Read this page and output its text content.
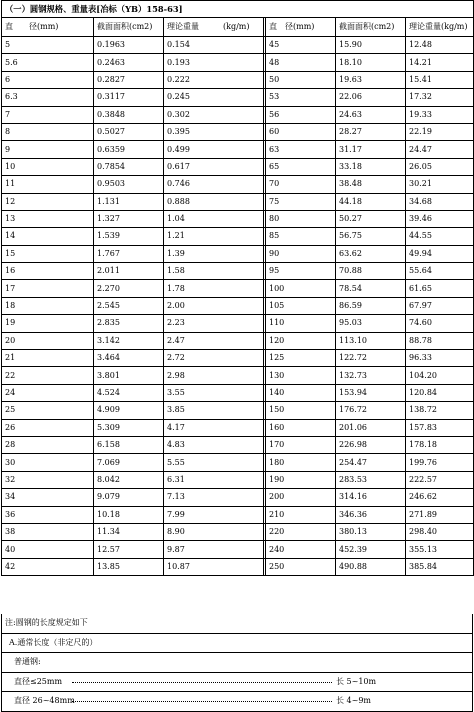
（一）圆钢规格、重量表[冶标（YB）158-63]						
直　　径(mm)	截面面积(cm2)	理论重量　　　(kg/m)		直　径(mm)	截面面积(cm2)	理论重量(kg/m)
5	0.1963	0.154		45	15.90	12.48
5.6	0.2463	0.193		48	18.10	14.21
6	0.2827	0.222		50	19.63	15.41
6.3	0.3117	0.245		53	22.06	17.32
7	0.3848	0.302		56	24.63	19.33
8	0.5027	0.395		60	28.27	22.19
9	0.6359	0.499		63	31.17	24.47
10	0.7854	0.617		65	33.18	26.05
11	0.9503	0.746		70	38.48	30.21
12	1.131	0.888		75	44.18	34.68
13	1.327	1.04		80	50.27	39.46
14	1.539	1.21		85	56.75	44.55
15	1.767	1.39		90	63.62	49.94
16	2.011	1.58		95	70.88	55.64
17	2.270	1.78		100	78.54	61.65
18	2.545	2.00		105	86.59	67.97
19	2.835	2.23		110	95.03	74.60
20	3.142	2.47		120	113.10	88.78
21	3.464	2.72		125	122.72	96.33
22	3.801	2.98		130	132.73	104.20
24	4.524	3.55		140	153.94	120.84
25	4.909	3.85		150	176.72	138.72
26	5.309	4.17		160	201.06	157.83
28	6.158	4.83		170	226.98	178.18
30	7.069	5.55		180	254.47	199.76
32	8.042	6.31		190	283.53	222.57
34	9.079	7.13		200	314.16	246.62
36	10.18	7.99		210	346.36	271.89
38	11.34	8.90		220	380.13	298.40
40	12.57	9.87		240	452.39	355.13
42	13.85	10.87		250	490.88	385.84
注:圆钢的长度规定如下
A.通常长度（非定尺的）
普通钢:
直径≤25mm	长 5~10m
直径 26~48mm	长 4~9m
